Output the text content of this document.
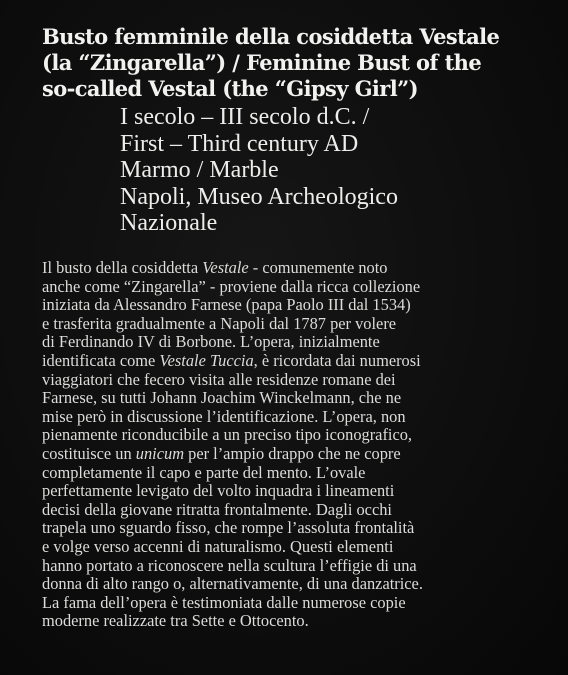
Busto femminile della cosiddetta Vestale
(la “Zingarella”) / Feminine Bust of the
so-called Vestal (the “Gipsy Girl”)
I secolo – III secolo d.C. /
First – Third century AD
Marmo / Marble
Napoli, Museo Archeologico
Nazionale
Il busto della cosiddetta Vestale - comunemente noto
anche come “Zingarella” - proviene dalla ricca collezione
iniziata da Alessandro Farnese (papa Paolo III dal 1534)
e trasferita gradualmente a Napoli dal 1787 per volere
di Ferdinando IV di Borbone. L’opera, inizialmente
identificata come Vestale Tuccia, è ricordata dai numerosi
viaggiatori che fecero visita alle residenze romane dei
Farnese, su tutti Johann Joachim Winckelmann, che ne
mise però in discussione l’identificazione. L’opera, non
pienamente riconducibile a un preciso tipo iconografico,
costituisce un unicum per l’ampio drappo che ne copre
completamente il capo e parte del mento. L’ovale
perfettamente levigato del volto inquadra i lineamenti
decisi della giovane ritratta frontalmente. Dagli occhi
trapela uno sguardo fisso, che rompe l’assoluta frontalità
e volge verso accenni di naturalismo. Questi elementi
hanno portato a riconoscere nella scultura l’effigie di una
donna di alto rango o, alternativamente, di una danzatrice.
La fama dell’opera è testimoniata dalle numerose copie
moderne realizzate tra Sette e Ottocento.
